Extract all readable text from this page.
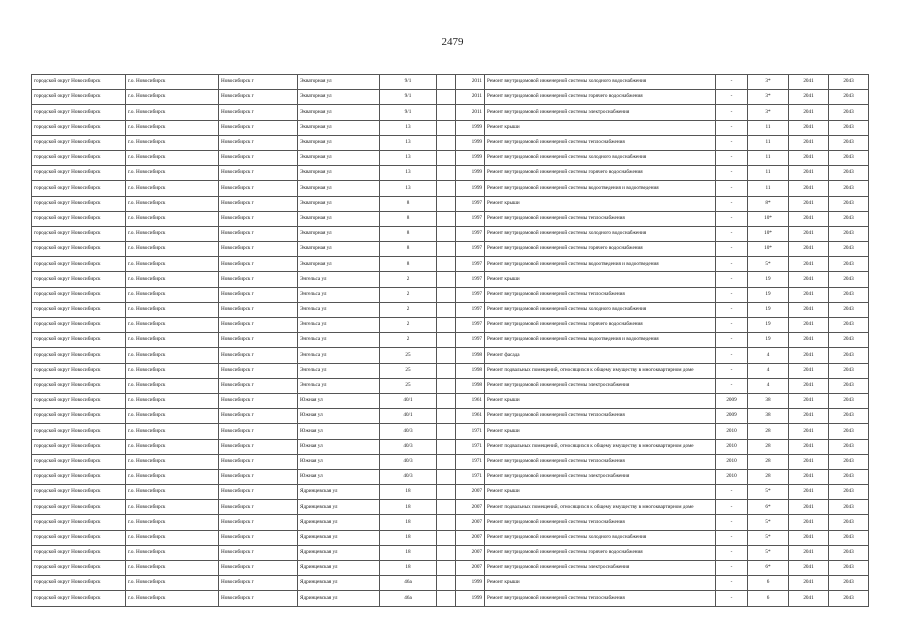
2479
городской округ Новосибирск	г.о. Новосибирск	Новосибирск г	Экваторная ул	9/1		2011	Ремонт внутридомовой инженерной системы холодного водоснабжения	-	3*	2041	2043
городской округ Новосибирск	г.о. Новосибирск	Новосибирск г	Экваторная ул	9/1		2011	Ремонт внутридомовой инженерной системы горячего водоснабжения	-	3*	2041	2043
городской округ Новосибирск	г.о. Новосибирск	Новосибирск г	Экваторная ул	9/1		2011	Ремонт внутридомовой инженерной системы электроснабжения	-	3*	2041	2043
городской округ Новосибирск	г.о. Новосибирск	Новосибирск г	Экваторная ул	13		1999	Ремонт крыши	-	11	2041	2043
городской округ Новосибирск	г.о. Новосибирск	Новосибирск г	Экваторная ул	13		1999	Ремонт внутридомовой инженерной системы теплоснабжения	-	11	2041	2043
городской округ Новосибирск	г.о. Новосибирск	Новосибирск г	Экваторная ул	13		1999	Ремонт внутридомовой инженерной системы холодного водоснабжения	-	11	2041	2043
городской округ Новосибирск	г.о. Новосибирск	Новосибирск г	Экваторная ул	13		1999	Ремонт внутридомовой инженерной системы горячего водоснабжения	-	11	2041	2043
городской округ Новосибирск	г.о. Новосибирск	Новосибирск г	Экваторная ул	13		1999	Ремонт внутридомовой инженерной системы водоотведения и водоотведения	-	11	2041	2043
городской округ Новосибирск	г.о. Новосибирск	Новосибирск г	Экваторная ул	8		1997	Ремонт крыши	-	8*	2041	2043
городской округ Новосибирск	г.о. Новосибирск	Новосибирск г	Экваторная ул	8		1997	Ремонт внутридомовой инженерной системы теплоснабжения	-	10*	2041	2043
городской округ Новосибирск	г.о. Новосибирск	Новосибирск г	Экваторная ул	8		1997	Ремонт внутридомовой инженерной системы холодного водоснабжения	-	10*	2041	2043
городской округ Новосибирск	г.о. Новосибирск	Новосибирск г	Экваторная ул	8		1997	Ремонт внутридомовой инженерной системы горячего водоснабжения	-	10*	2041	2043
городской округ Новосибирск	г.о. Новосибирск	Новосибирск г	Экваторная ул	8		1997	Ремонт внутридомовой инженерной системы водоотведения и водоотведения	-	5*	2041	2043
городской округ Новосибирск	г.о. Новосибирск	Новосибирск г	Энгельса ул	2		1997	Ремонт крыши	-	19	2041	2043
городской округ Новосибирск	г.о. Новосибирск	Новосибирск г	Энгельса ул	2		1997	Ремонт внутридомовой инженерной системы теплоснабжения	-	19	2041	2043
городской округ Новосибирск	г.о. Новосибирск	Новосибирск г	Энгельса ул	2		1997	Ремонт внутридомовой инженерной системы холодного водоснабжения	-	19	2041	2043
городской округ Новосибирск	г.о. Новосибирск	Новосибирск г	Энгельса ул	2		1997	Ремонт внутридомовой инженерной системы горячего водоснабжения	-	19	2041	2043
городской округ Новосибирск	г.о. Новосибирск	Новосибирск г	Энгельса ул	2		1997	Ремонт внутридомовой инженерной системы водоотведения и водоотведения	-	19	2041	2043
городской округ Новосибирск	г.о. Новосибирск	Новосибирск г	Энгельса ул	25		1998	Ремонт фасада	-	4	2041	2043
городской округ Новосибирск	г.о. Новосибирск	Новосибирск г	Энгельса ул	25		1998	Ремонт подвальных помещений, относящихся к общему имуществу в многоквартирном доме	-	4	2041	2043
городской округ Новосибирск	г.о. Новосибирск	Новосибирск г	Энгельса ул	25		1998	Ремонт внутридомовой инженерной системы электроснабжения	-	4	2041	2043
городской округ Новосибирск	г.о. Новосибирск	Новосибирск г	Южная ул	40/1		1961	Ремонт крыши	2009	38	2041	2043
городской округ Новосибирск	г.о. Новосибирск	Новосибирск г	Южная ул	40/1		1961	Ремонт внутридомовой инженерной системы теплоснабжения	2009	38	2041	2043
городской округ Новосибирск	г.о. Новосибирск	Новосибирск г	Южная ул	40/3		1971	Ремонт крыши	2010	28	2041	2043
городской округ Новосибирск	г.о. Новосибирск	Новосибирск г	Южная ул	40/3		1971	Ремонт подвальных помещений, относящихся к общему имуществу в многоквартирном доме	2010	28	2041	2043
городской округ Новосибирск	г.о. Новосибирск	Новосибирск г	Южная ул	40/3		1971	Ремонт внутридомовой инженерной системы теплоснабжения	2010	28	2041	2043
городской округ Новосибирск	г.о. Новосибирск	Новосибирск г	Южная ул	40/3		1971	Ремонт внутридомовой инженерной системы электроснабжения	2010	28	2041	2043
городской округ Новосибирск	г.о. Новосибирск	Новосибирск г	Ядринцевская ул	18		2007	Ремонт крыши	-	5*	2041	2043
городской округ Новосибирск	г.о. Новосибирск	Новосибирск г	Ядринцевская ул	18		2007	Ремонт подвальных помещений, относящихся к общему имуществу в многоквартирном доме	-	6*	2041	2043
городской округ Новосибирск	г.о. Новосибирск	Новосибирск г	Ядринцевская ул	18		2007	Ремонт внутридомовой инженерной системы теплоснабжения	-	5*	2041	2043
городской округ Новосибирск	г.о. Новосибирск	Новосибирск г	Ядринцевская ул	18		2007	Ремонт внутридомовой инженерной системы холодного водоснабжения	-	5*	2041	2043
городской округ Новосибирск	г.о. Новосибирск	Новосибирск г	Ядринцевская ул	18		2007	Ремонт внутридомовой инженерной системы горячего водоснабжения	-	5*	2041	2043
городской округ Новосибирск	г.о. Новосибирск	Новосибирск г	Ядринцевская ул	18		2007	Ремонт внутридомовой инженерной системы электроснабжения	-	6*	2041	2043
городской округ Новосибирск	г.о. Новосибирск	Новосибирск г	Ядринцевская ул	46а		1999	Ремонт крыши	-	6	2041	2043
городской округ Новосибирск	г.о. Новосибирск	Новосибирск г	Ядринцевская ул	46а		1999	Ремонт внутридомовой инженерной системы теплоснабжения	-	6	2041	2043
